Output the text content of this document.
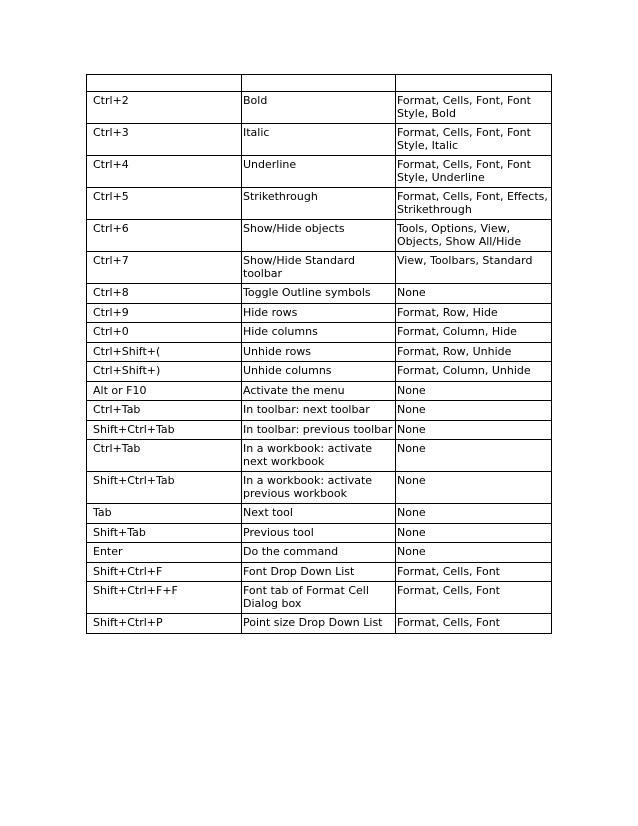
Ctrl+2	Bold	Format, Cells, Font, Font Style, Bold
Ctrl+3	Italic	Format, Cells, Font, Font Style, Italic
Ctrl+4	Underline	Format, Cells, Font, Font Style, Underline
Ctrl+5	Strikethrough	Format, Cells, Font, Effects, Strikethrough
Ctrl+6	Show/Hide objects	Tools, Options, View, Objects, Show All/Hide
Ctrl+7	Show/Hide Standard toolbar	View, Toolbars, Standard
Ctrl+8	Toggle Outline symbols	None
Ctrl+9	Hide rows	Format, Row, Hide
Ctrl+0	Hide columns	Format, Column, Hide
Ctrl+Shift+(	Unhide rows	Format, Row, Unhide
Ctrl+Shift+)	Unhide columns	Format, Column, Unhide
Alt or F10	Activate the menu	None
Ctrl+Tab	In toolbar: next toolbar	None
Shift+Ctrl+Tab	In toolbar: previous toolbar	None
Ctrl+Tab	In a workbook: activate next workbook	None
Shift+Ctrl+Tab	In a workbook: activate previous workbook	None
Tab	Next tool	None
Shift+Tab	Previous tool	None
Enter	Do the command	None
Shift+Ctrl+F	Font Drop Down List	Format, Cells, Font
Shift+Ctrl+F+F	Font tab of Format Cell Dialog box	Format, Cells, Font
Shift+Ctrl+P	Point size Drop Down List	Format, Cells, Font
